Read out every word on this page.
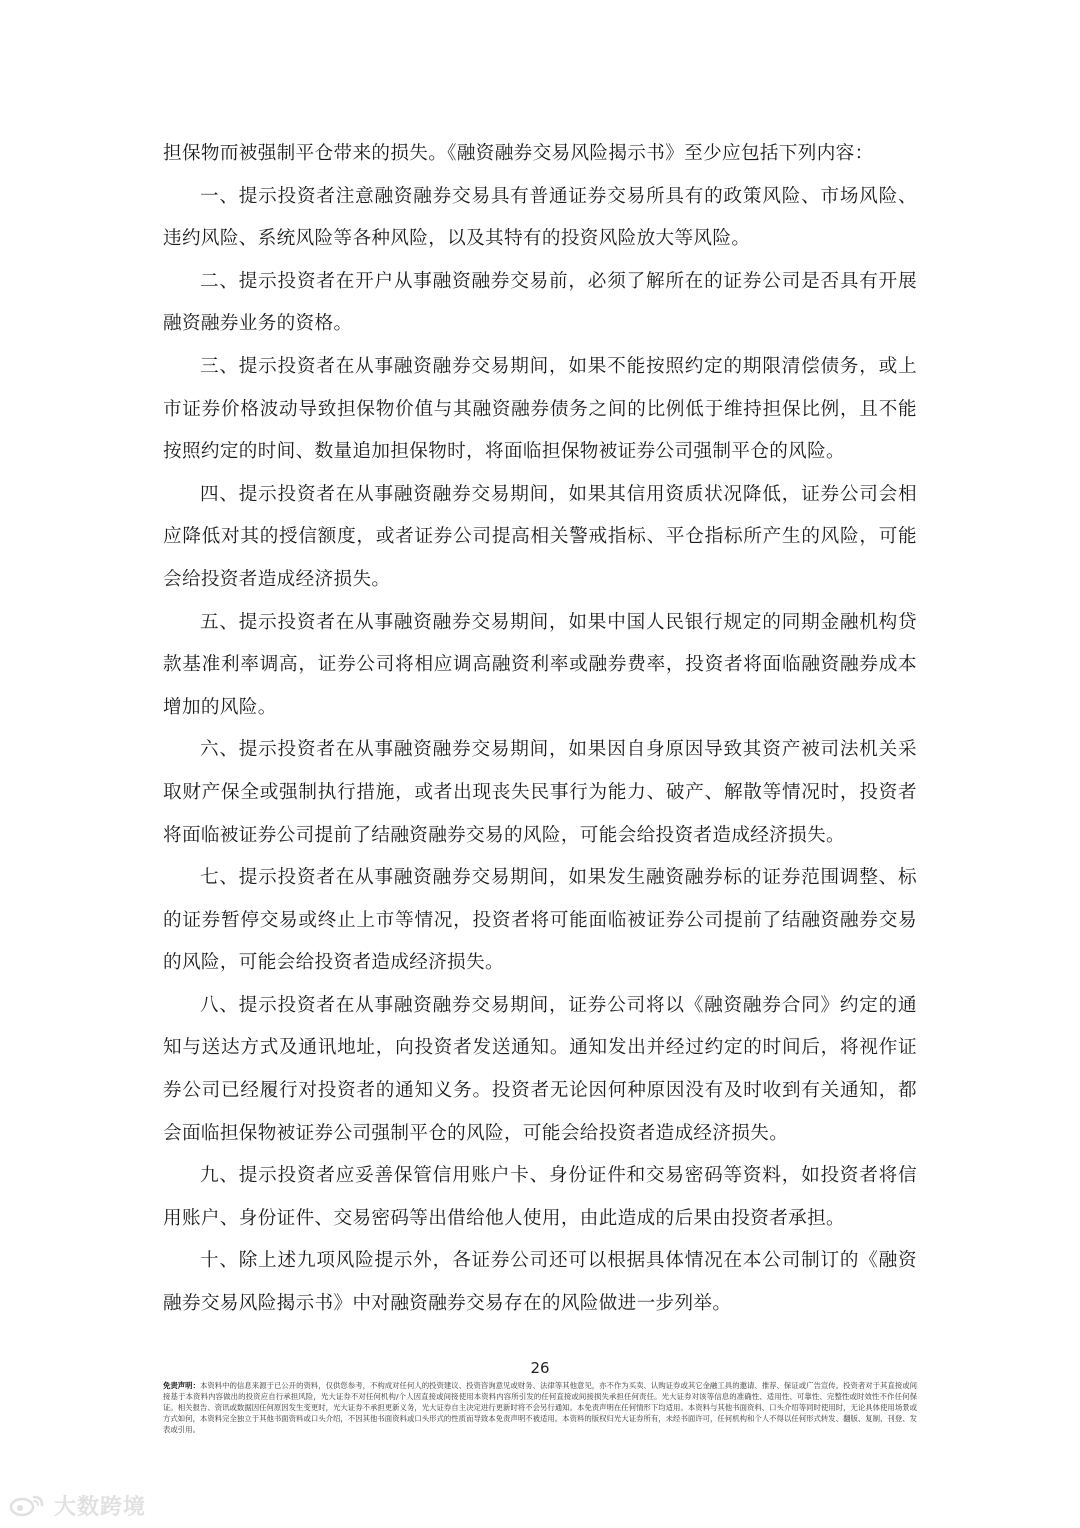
担保物而被强制平仓带来的损失。《融资融券交易风险揭示书》至少应包括下列内容：

一、提示投资者注意融资融券交易具有普通证券交易所具有的政策风险、市场风险、违约风险、系统风险等各种风险，以及其特有的投资风险放大等风险。

二、提示投资者在开户从事融资融券交易前，必须了解所在的证券公司是否具有开展融资融券业务的资格。

三、提示投资者在从事融资融券交易期间，如果不能按照约定的期限清偿债务，或上市证券价格波动导致担保物价值与其融资融券债务之间的比例低于维持担保比例，且不能按照约定的时间、数量追加担保物时，将面临担保物被证券公司强制平仓的风险。

四、提示投资者在从事融资融券交易期间，如果其信用资质状况降低，证券公司会相应降低对其的授信额度，或者证券公司提高相关警戒指标、平仓指标所产生的风险，可能会给投资者造成经济损失。

五、提示投资者在从事融资融券交易期间，如果中国人民银行规定的同期金融机构贷款基准利率调高，证券公司将相应调高融资利率或融券费率，投资者将面临融资融券成本增加的风险。

六、提示投资者在从事融资融券交易期间，如果因自身原因导致其资产被司法机关采取财产保全或强制执行措施，或者出现丧失民事行为能力、破产、解散等情况时，投资者将面临被证券公司提前了结融资融券交易的风险，可能会给投资者造成经济损失。

七、提示投资者在从事融资融券交易期间，如果发生融资融券标的证券范围调整、标的证券暂停交易或终止上市等情况，投资者将可能面临被证券公司提前了结融资融券交易的风险，可能会给投资者造成经济损失。

八、提示投资者在从事融资融券交易期间，证券公司将以《融资融券合同》约定的通知与送达方式及通讯地址，向投资者发送通知。通知发出并经过约定的时间后，将视作证券公司已经履行对投资者的通知义务。投资者无论因何种原因没有及时收到有关通知，都会面临担保物被证券公司强制平仓的风险，可能会给投资者造成经济损失。

九、提示投资者应妥善保管信用账户卡、身份证件和交易密码等资料，如投资者将信用账户、身份证件、交易密码等出借给他人使用，由此造成的后果由投资者承担。

十、除上述九项风险提示外，各证券公司还可以根据具体情况在本公司制订的《融资融券交易风险揭示书》中对融资融券交易存在的风险做进一步列举。

26
免责声明：本资料中的信息来源于已公开的资料，仅供您参考，不构成对任何人的投资建议、投资咨询意见或财务、法律等其他意见，亦不作为买卖、认购证券或其它金融工具的邀请、推荐、保证或广告宣传。投资者对于其直接或间接基于本资料内容做出的投资应自行承担风险，光大证券不对任何机构/个人因直接或间接使用本资料内容所引发的任何直接或间接损失承担任何责任。光大证券对该等信息的准确性、适用性、可靠性、完整性或时效性不作任何保证。相关报告、资讯或数据因任何原因发生变更时，光大证券不承担更新义务，光大证券自主决定进行更新时将不会另行通知。本免责声明在任何情形下均适用。本资料与其他书面资料、口头介绍等同时使用时，无论具体使用场景或方式如何，本资料完全独立于其他书面资料或口头介绍，不因其他书面资料或口头形式的性质而导致本免责声明不被适用。本资料的版权归光大证券所有，未经书面许可，任何机构和个人不得以任何形式转发、翻版、复制、刊登、发表或引用。
大数跨境
